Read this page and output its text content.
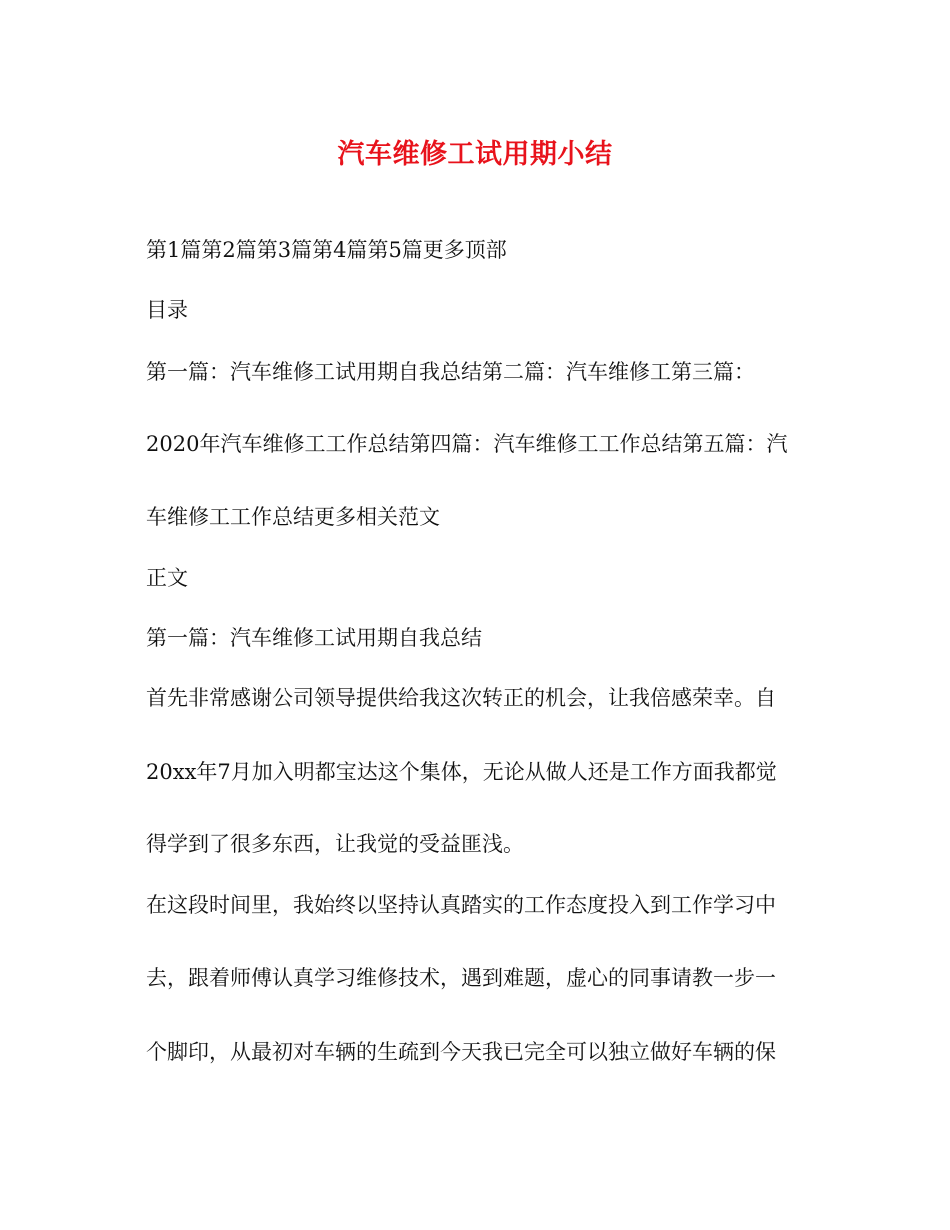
汽车维修工试用期小结
第1篇第2篇第3篇第4篇第5篇更多顶部
目录
第一篇：汽车维修工试用期自我总结第二篇：汽车维修工第三篇：
2020年汽车维修工工作总结第四篇：汽车维修工工作总结第五篇：汽
车维修工工作总结更多相关范文
正文
第一篇：汽车维修工试用期自我总结
首先非常感谢公司领导提供给我这次转正的机会，让我倍感荣幸。自
20xx年7月加入明都宝达这个集体，无论从做人还是工作方面我都觉
得学到了很多东西，让我觉的受益匪浅。
在这段时间里，我始终以坚持认真踏实的工作态度投入到工作学习中
去，跟着师傅认真学习维修技术，遇到难题，虚心的同事请教一步一
个脚印，从最初对车辆的生疏到今天我已完全可以独立做好车辆的保
